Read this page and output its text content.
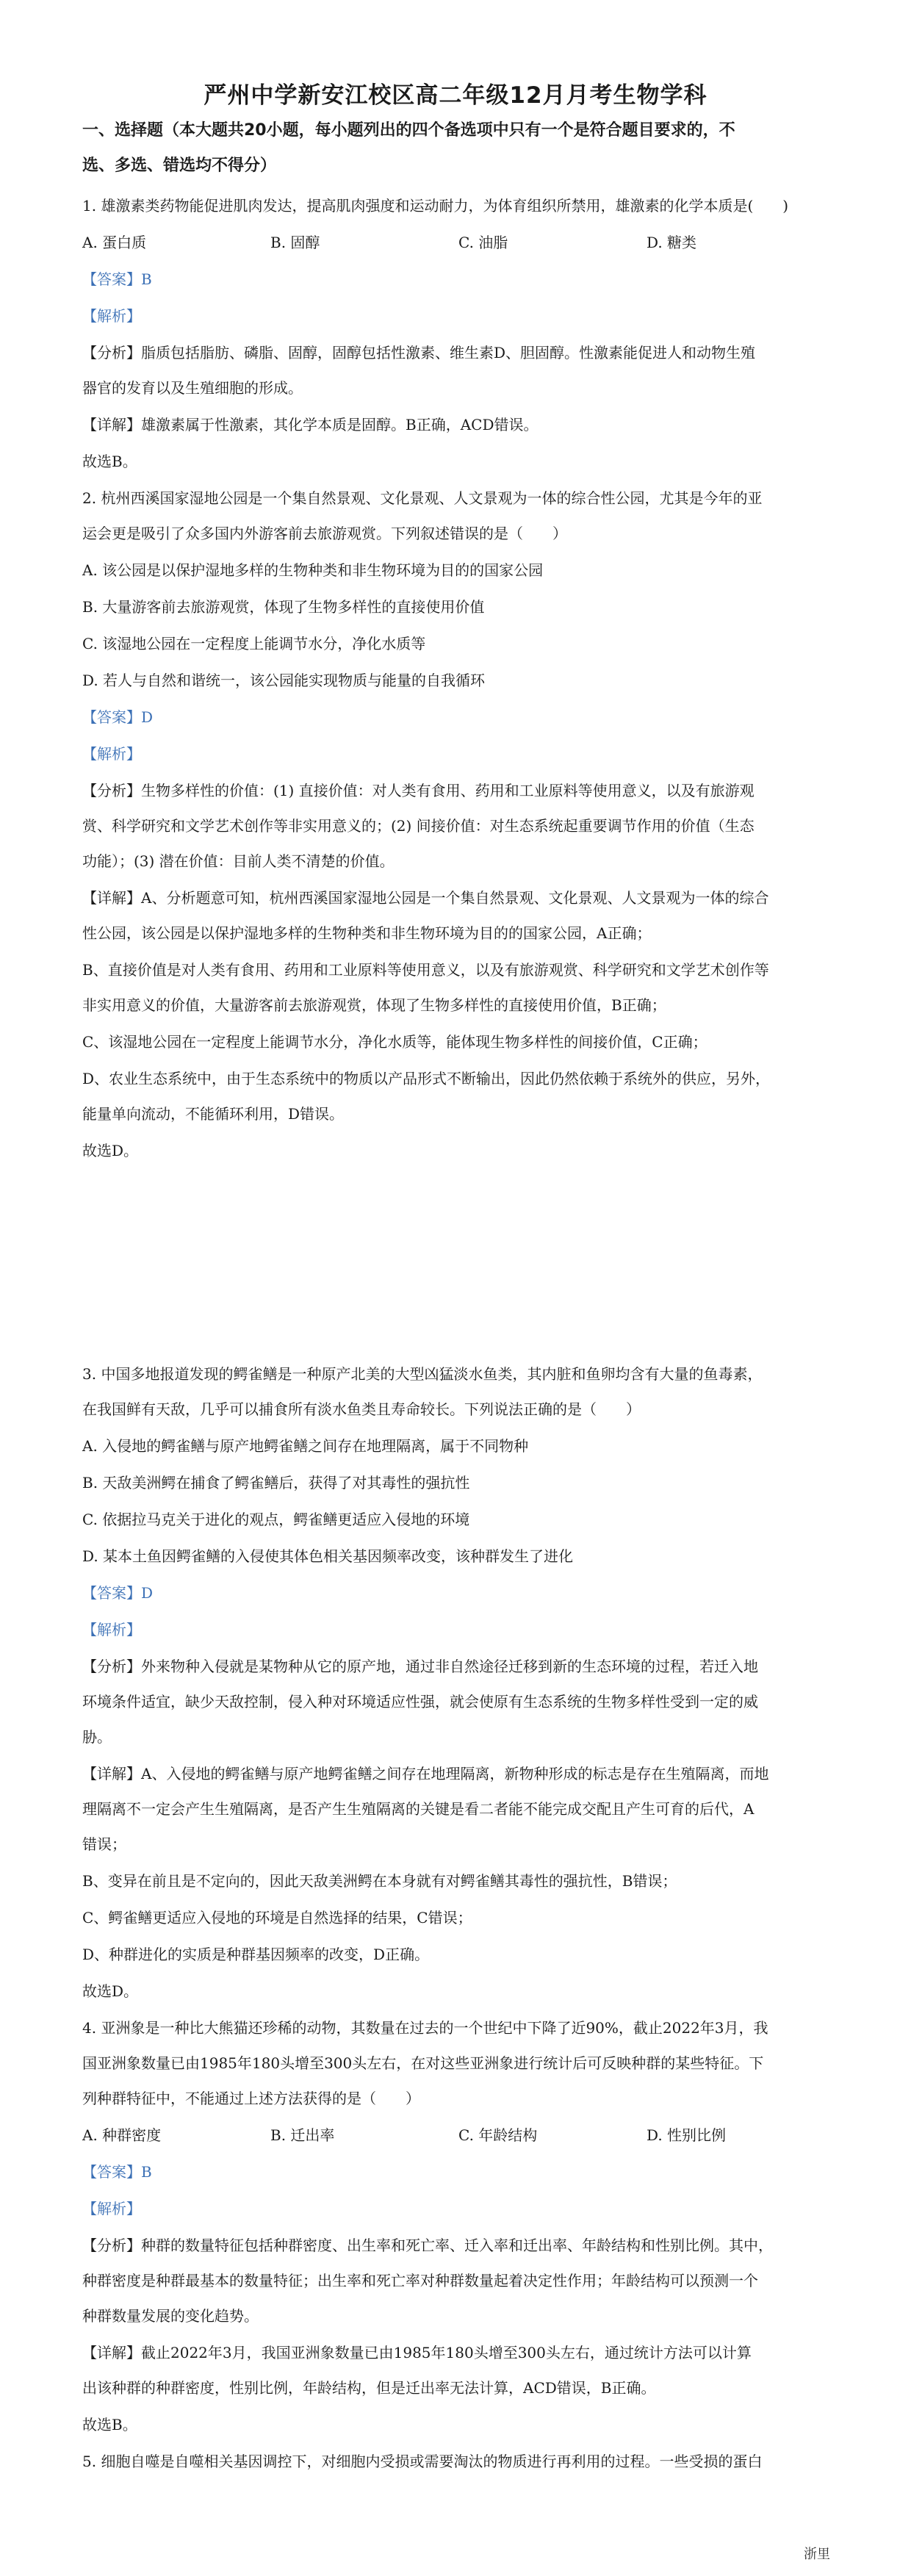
严州中学新安江校区高二年级12月月考生物学科
一、选择题（本大题共20小题，每小题列出的四个备选项中只有一个是符合题目要求的，不
选、多选、错选均不得分）
1. 雄激素类药物能促进肌肉发达，提高肌肉强度和运动耐力，为体育组织所禁用，雄激素的化学本质是(　　)
A. 蛋白质	B. 固醇	C. 油脂	D. 糖类
【答案】B
【解析】
【分析】脂质包括脂肪、磷脂、固醇，固醇包括性激素、维生素D、胆固醇。性激素能促进人和动物生殖
器官的发育以及生殖细胞的形成。
【详解】雄激素属于性激素，其化学本质是固醇。B正确，ACD错误。
故选B。
2. 杭州西溪国家湿地公园是一个集自然景观、文化景观、人文景观为一体的综合性公园，尤其是今年的亚
运会更是吸引了众多国内外游客前去旅游观赏。下列叙述错误的是（　　）
A. 该公园是以保护湿地多样的生物种类和非生物环境为目的的国家公园
B. 大量游客前去旅游观赏，体现了生物多样性的直接使用价值
C. 该湿地公园在一定程度上能调节水分，净化水质等
D. 若人与自然和谐统一，该公园能实现物质与能量的自我循环
【答案】D
【解析】
【分析】生物多样性的价值：(1) 直接价值：对人类有食用、药用和工业原料等使用意义，以及有旅游观
赏、科学研究和文学艺术创作等非实用意义的；(2) 间接价值：对生态系统起重要调节作用的价值（生态
功能）；(3) 潜在价值：目前人类不清楚的价值。
【详解】A、分析题意可知，杭州西溪国家湿地公园是一个集自然景观、文化景观、人文景观为一体的综合
性公园，该公园是以保护湿地多样的生物种类和非生物环境为目的的国家公园，A正确；
B、直接价值是对人类有食用、药用和工业原料等使用意义，以及有旅游观赏、科学研究和文学艺术创作等
非实用意义的价值，大量游客前去旅游观赏，体现了生物多样性的直接使用价值，B正确；
C、该湿地公园在一定程度上能调节水分，净化水质等，能体现生物多样性的间接价值，C正确；
D、农业生态系统中，由于生态系统中的物质以产品形式不断输出，因此仍然依赖于系统外的供应，另外，
能量单向流动，不能循环利用，D错误。
故选D。
3. 中国多地报道发现的鳄雀鳝是一种原产北美的大型凶猛淡水鱼类，其内脏和鱼卵均含有大量的鱼毒素，
在我国鲜有天敌，几乎可以捕食所有淡水鱼类且寿命较长。下列说法正确的是（　　）
A. 入侵地的鳄雀鳝与原产地鳄雀鳝之间存在地理隔离，属于不同物种
B. 天敌美洲鳄在捕食了鳄雀鳝后，获得了对其毒性的强抗性
C. 依据拉马克关于进化的观点，鳄雀鳝更适应入侵地的环境
D. 某本土鱼因鳄雀鳝的入侵使其体色相关基因频率改变，该种群发生了进化
【答案】D
【解析】
【分析】外来物种入侵就是某物种从它的原产地，通过非自然途径迁移到新的生态环境的过程，若迁入地
环境条件适宜，缺少天敌控制，侵入种对环境适应性强，就会使原有生态系统的生物多样性受到一定的威
胁。
【详解】A、入侵地的鳄雀鳝与原产地鳄雀鳝之间存在地理隔离，新物种形成的标志是存在生殖隔离，而地
理隔离不一定会产生生殖隔离，是否产生生殖隔离的关键是看二者能不能完成交配且产生可育的后代，A
错误；
B、变异在前且是不定向的，因此天敌美洲鳄在本身就有对鳄雀鳝其毒性的强抗性，B错误；
C、鳄雀鳝更适应入侵地的环境是自然选择的结果，C错误；
D、种群进化的实质是种群基因频率的改变，D正确。
故选D。
4. 亚洲象是一种比大熊猫还珍稀的动物，其数量在过去的一个世纪中下降了近90%，截止2022年3月，我
国亚洲象数量已由1985年180头增至300头左右，在对这些亚洲象进行统计后可反映种群的某些特征。下
列种群特征中，不能通过上述方法获得的是（　　）
A. 种群密度	B. 迁出率	C. 年龄结构	D. 性别比例
【答案】B
【解析】
【分析】种群的数量特征包括种群密度、出生率和死亡率、迁入率和迁出率、年龄结构和性别比例。其中，
种群密度是种群最基本的数量特征；出生率和死亡率对种群数量起着决定性作用；年龄结构可以预测一个
种群数量发展的变化趋势。
【详解】截止2022年3月，我国亚洲象数量已由1985年180头增至300头左右，通过统计方法可以计算
出该种群的种群密度，性别比例，年龄结构，但是迁出率无法计算，ACD错误，B正确。
故选B。
5. 细胞自噬是自噬相关基因调控下，对细胞内受损或需要淘汰的物质进行再利用的过程。一些受损的蛋白
浙里
